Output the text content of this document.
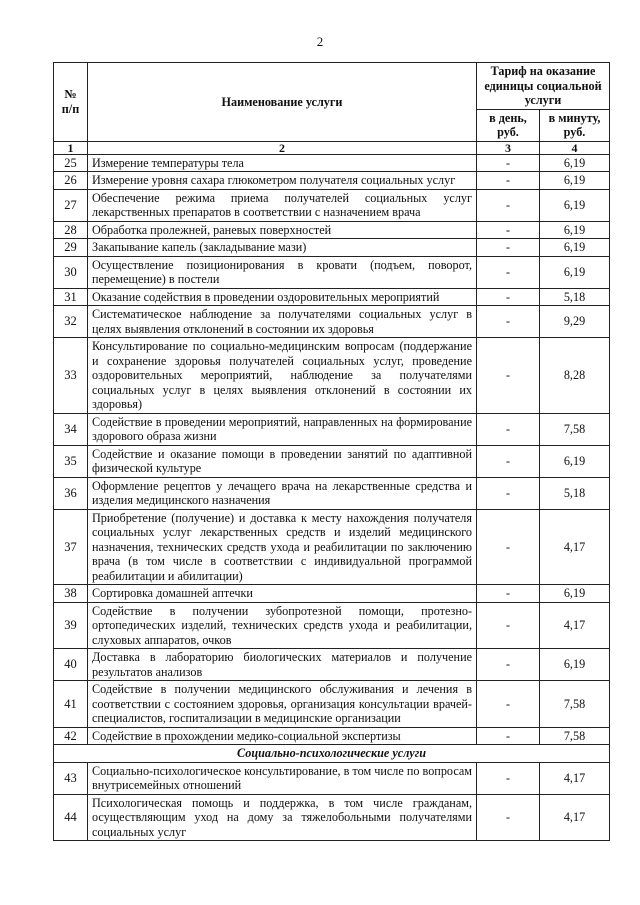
2
№ п/п	Наименование услуги	Тариф на оказание единицы социальной услуги	
		в день, руб.	в минуту, руб.
1	2	3	4
25	Измерение температуры тела	-	6,19
26	Измерение уровня сахара глюкометром получателя социальных услуг	-	6,19
27	Обеспечение режима приема получателей социальных услуг лекарственных препаратов в соответствии с назначением врача	-	6,19
28	Обработка пролежней, раневых поверхностей	-	6,19
29	Закапывание капель (закладывание мази)	-	6,19
30	Осуществление позиционирования в кровати (подъем, поворот, перемещение) в постели	-	6,19
31	Оказание содействия в проведении оздоровительных мероприятий	-	5,18
32	Систематическое наблюдение за получателями социальных услуг в целях выявления отклонений в состоянии их здоровья	-	9,29
33	Консультирование по социально-медицинским вопросам (поддержание и сохранение здоровья получателей социальных услуг, проведение оздоровительных мероприятий, наблюдение за получателями социальных услуг в целях выявления отклонений в состоянии их здоровья)	-	8,28
34	Содействие в проведении мероприятий, направленных на формирование здорового образа жизни	-	7,58
35	Содействие и оказание помощи в проведении занятий по адаптивной физической культуре	-	6,19
36	Оформление рецептов у лечащего врача на лекарственные средства и изделия медицинского назначения	-	5,18
37	Приобретение (получение) и доставка к месту нахождения получателя социальных услуг лекарственных средств и изделий медицинского назначения, технических средств ухода и реабилитации по заключению врача (в том числе в соответствии с индивидуальной программой реабилитации и абилитации)	-	4,17
38	Сортировка домашней аптечки	-	6,19
39	Содействие в получении зубопротезной помощи, протезно-ортопедических изделий, технических средств ухода и реабилитации, слуховых аппаратов, очков	-	4,17
40	Доставка в лабораторию биологических материалов и получение результатов анализов	-	6,19
41	Содействие в получении медицинского обслуживания и лечения в соответствии с состоянием здоровья, организация консультации врачей-специалистов, госпитализации в медицинские организации	-	7,58
42	Содействие в прохождении медико-социальной экспертизы	-	7,58
Социально-психологические услуги			
43	Социально-психологическое консультирование, в том числе по вопросам внутрисемейных отношений	-	4,17
44	Психологическая помощь и поддержка, в том числе гражданам, осуществляющим уход на дому за тяжелобольными получателями социальных услуг	-	4,17
